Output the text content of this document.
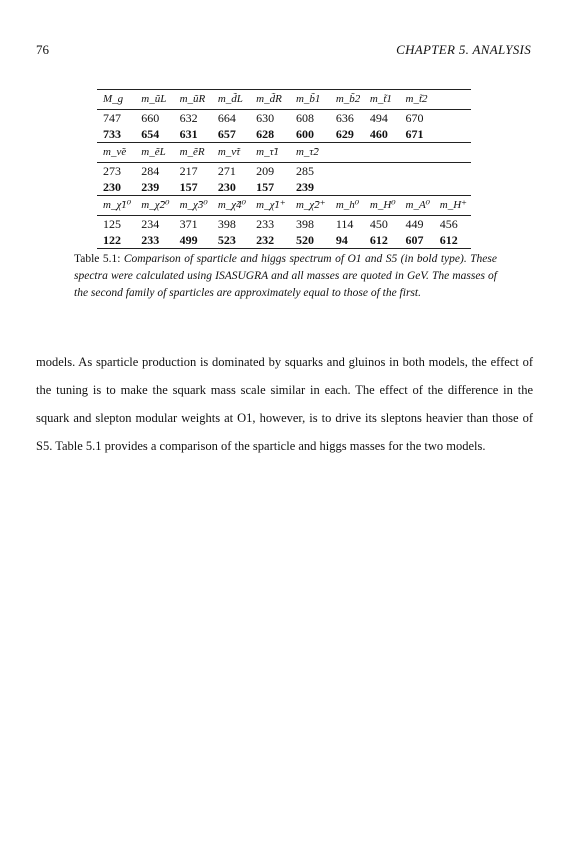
76	CHAPTER 5. ANALYSIS
M_g	m_ũL	m_ũR	m_d̃L	m_d̃R	m_b̃1	m_b̃2	m_t̃1	m_t̃2	
747	660	632	664	630	608	636	494	670	
733	654	631	657	628	600	629	460	671	
m_ν̃e	m_ẽL	m_ẽR	m_ν̃τ	m_τ̃1	m_τ̃2				
273	284	217	271	209	285				
230	239	157	230	157	239				
m_χ̃1⁰	m_χ̃2⁰	m_χ̃3⁰	m_χ̃4⁰	m_χ̃1⁺	m_χ̃2⁺	m_h⁰	m_H⁰	m_A⁰	m_H⁺
125	234	371	398	233	398	114	450	449	456
122	233	499	523	232	520	94	612	607	612
Table 5.1: Comparison of sparticle and higgs spectrum of O1 and S5 (in bold type). These spectra were calculated using ISASUGRA and all masses are quoted in GeV. The masses of the second family of sparticles are approximately equal to those of the first.
models. As sparticle production is dominated by squarks and gluinos in both models, the effect of the tuning is to make the squark mass scale similar in each. The effect of the difference in the squark and slepton modular weights at O1, however, is to drive its sleptons heavier than those of S5. Table 5.1 provides a comparison of the sparticle and higgs masses for the two models.
